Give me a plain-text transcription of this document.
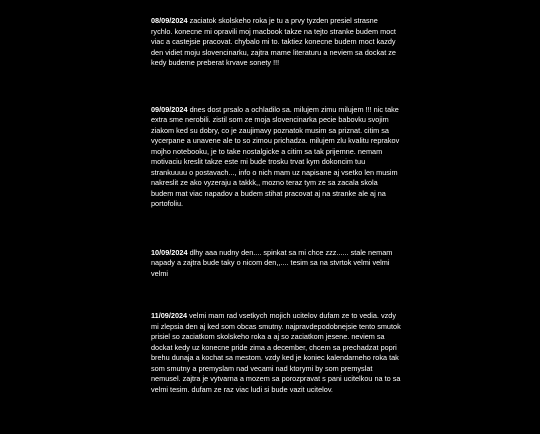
08/09/2024 zaciatok skolskeho roka je tu a prvy tyzden presiel strasne rychlo. konecne mi opravili moj macbook takze na tejto stranke budem moct viac a castejsie pracovat. chybalo mi to. taktiez konecne budem moct kazdy den vidiet moju slovencinarku, zajtra mame literaturu a neviem sa dockat ze kedy budeme preberat krvave sonety !!!

09/09/2024 dnes dost prsalo a ochladilo sa. milujem zimu milujem !!! nic take extra sme nerobili. zistil som ze moja slovencinarka pecie babovku svojim ziakom ked su dobry, co je zaujimavy poznatok musim sa priznat. citim sa vycerpane a unavene ale to so zimou prichadza. milujem zlu kvalitu reprakov mojho notebooku, je to take nostalgicke a citim sa tak prijemne. nemam motivaciu kreslit takze este mi bude trosku trvat kym dokoncim tuu strankuuuu o postavach..., info o nich mam uz napisane aj vsetko len musim nakreslit ze ako vyzeraju a takkk,, mozno teraz tym ze sa zacala skola budem mat viac napadov a budem stihat pracovat aj na stranke ale aj na portofoliu.

10/09/2024 dlhy aaa nudny den.... spinkat sa mi chce zzz...... stale nemam napady a zajtra bude taky o nicom den,,.... tesim sa na stvrtok velmi velmi velmi

11/09/2024 velmi mam rad vsetkych mojich ucitelov dufam ze to vedia. vzdy mi zlepsia den aj ked som obcas smutny. najpravdepodobnejsie tento smutok prisiel so zaciatkom skolskeho roka a aj so zaciatkom jesene. neviem sa dockat kedy uz konecne pride zima a december, chcem sa prechadzat popri brehu dunaja a kochat sa mestom. vzdy ked je koniec kalendarneho roka tak som smutny a premyslam nad vecami nad ktorymi by som premyslat nemusel. zajtra je vytvarna a mozem sa porozpravat s pani ucitelkou na to sa velmi tesim. dufam ze raz viac ludi si bude vazit ucitelov.
